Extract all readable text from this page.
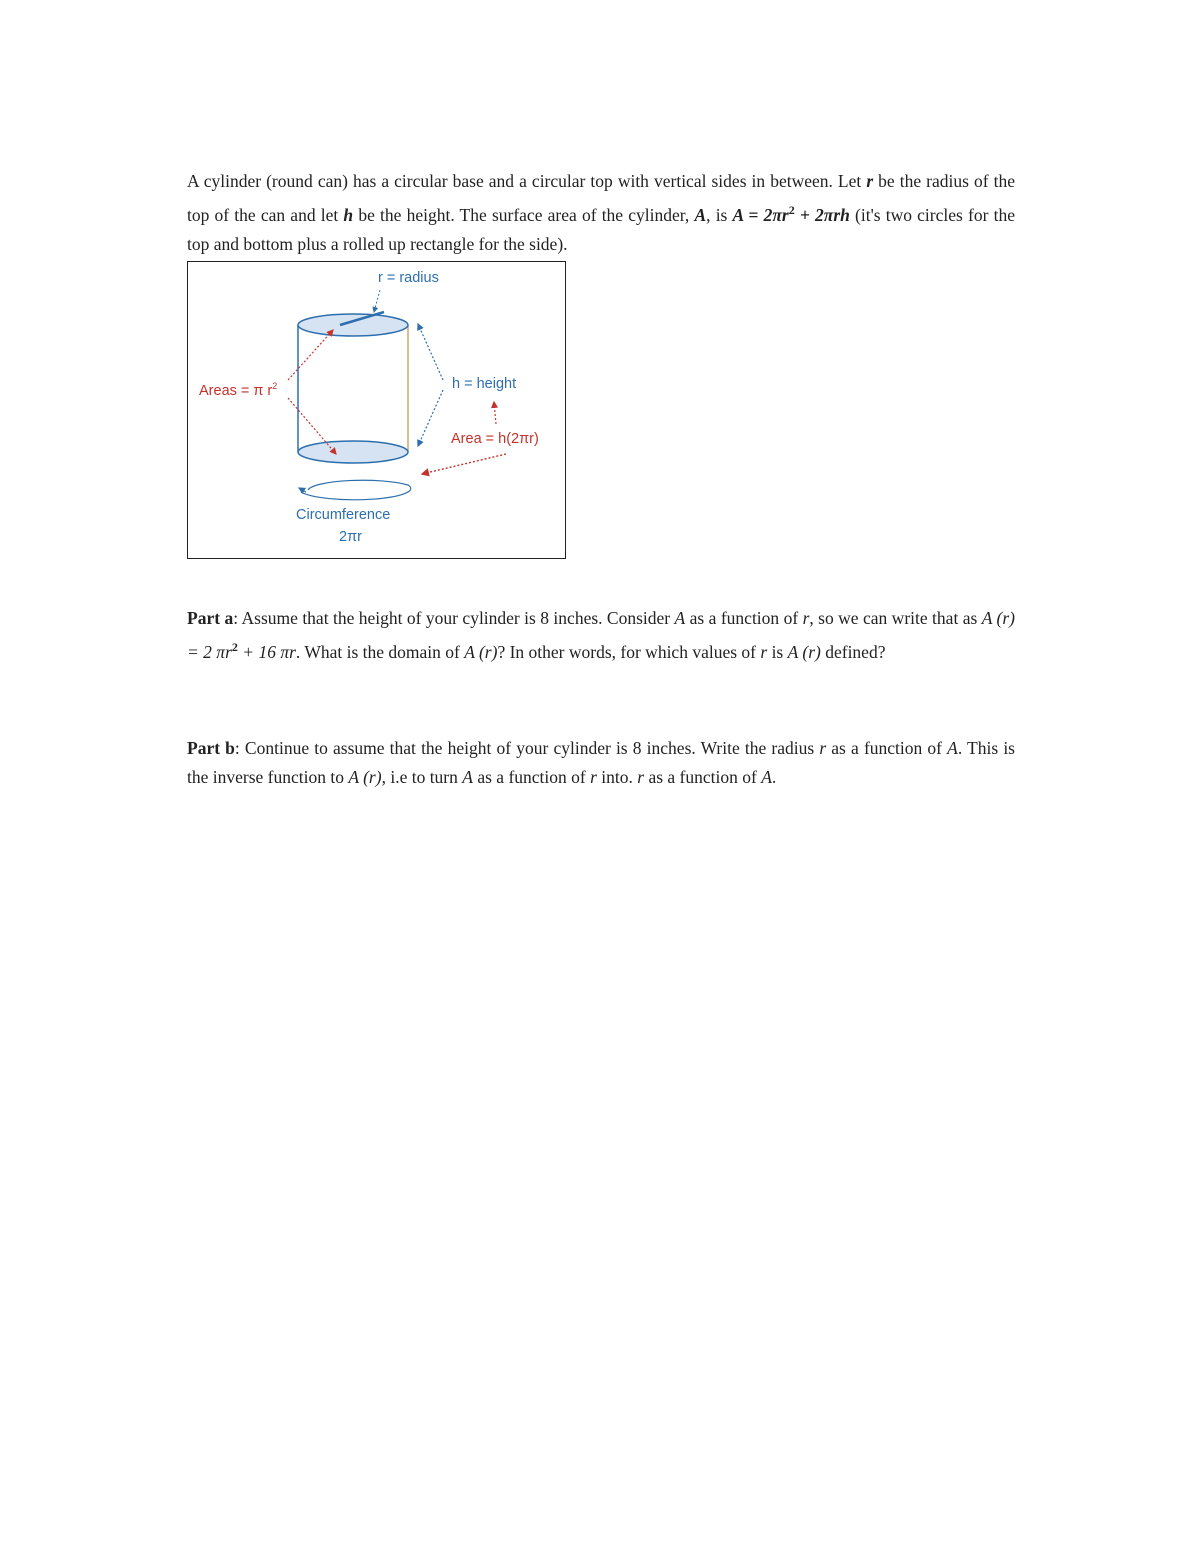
A cylinder (round can) has a circular base and a circular top with vertical sides in between. Let r be the radius of the top of the can and let h be the height. The surface area of the cylinder, A, is $A = 2\pi r^2 + 2\pi rh$ (it's two circles for the top and bottom plus a rolled up rectangle for the side).
r = radius
Areas = π $r^2$	h = height
Area = h(2πr)
Circumference
2πr
Part a: Assume that the height of your cylinder is 8 inches. Consider A as a function of r, so we can write that as A (r) = 2 $\pi r^2 + 16$ πr. What is the domain of A (r)? In other words, for which values of r is A (r) defined?
Part b: Continue to assume that the height of your cylinder is 8 inches. Write the radius r as a function of A. This is the inverse function to A (r), i.e to turn A as a function of r into. r as a function of A.
